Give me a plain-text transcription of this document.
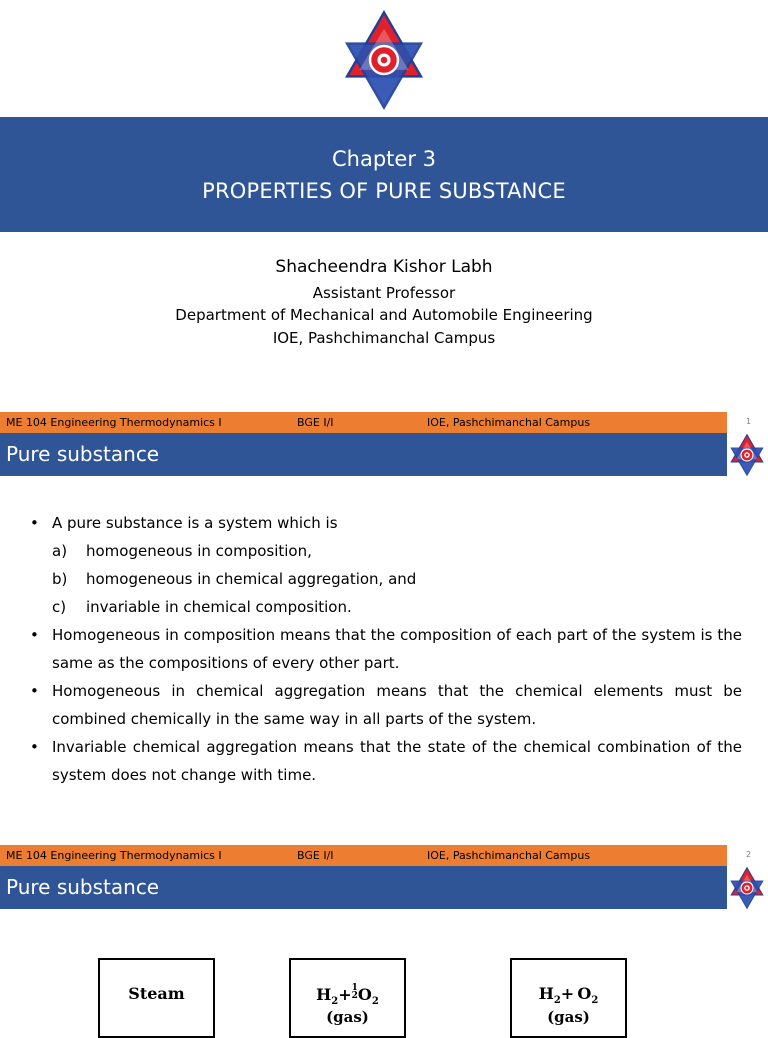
Chapter 3
PROPERTIES OF PURE SUBSTANCE
Shacheendra Kishor Labh
Assistant Professor
Department of Mechanical and Automobile Engineering
IOE, Pashchimanchal Campus
ME 104 Engineering Thermodynamics I	BGE I/I	IOE, Pashchimanchal Campus	1
Pure substance
• A pure substance is a system which is
a)	homogeneous in composition,
b)	homogeneous in chemical aggregation, and
c)	invariable in chemical composition.
• Homogeneous in composition means that the composition of each part of the system is the same as the compositions of every other part.
• Homogeneous in chemical aggregation means that the chemical elements must be combined chemically in the same way in all parts of the system.
• Invariable chemical aggregation means that the state of the chemical combination of the system does not change with time.
ME 104 Engineering Thermodynamics I	BGE I/I	IOE, Pashchimanchal Campus	2
Pure substance
Steam	$H_2+1$
$2O_2$
(gas)
$H_2+ O_2$
(gas)
